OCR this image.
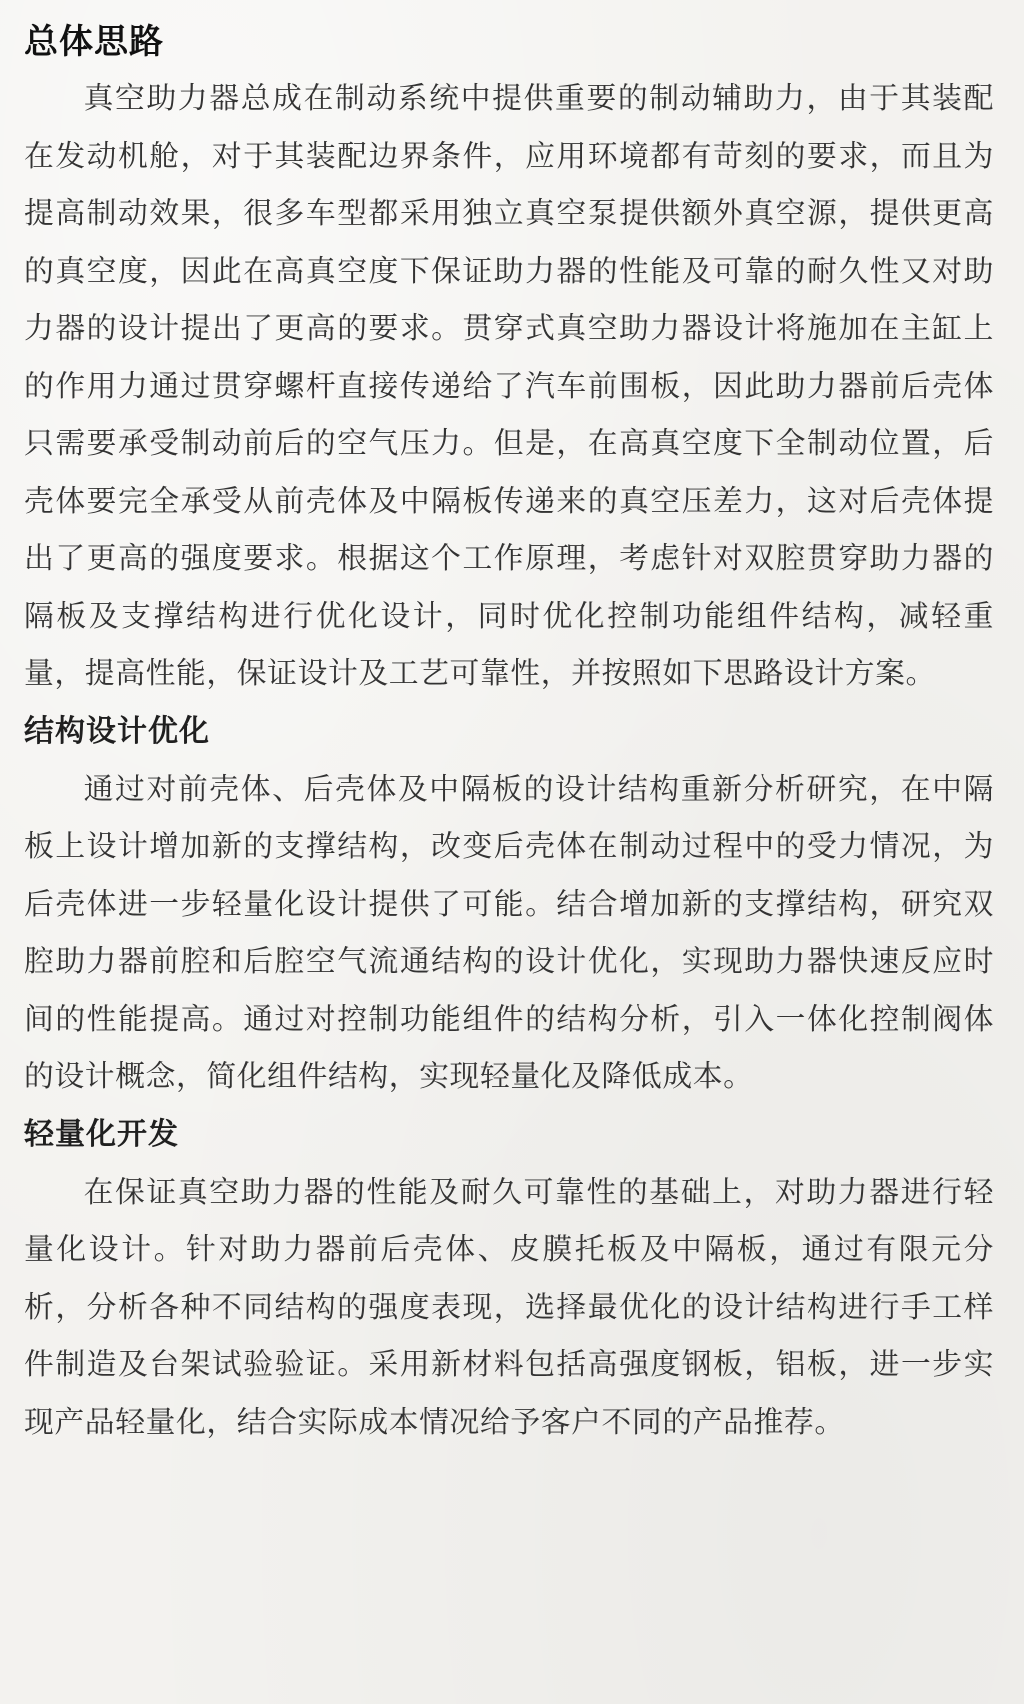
总体思路

真空助力器总成在制动系统中提供重要的制动辅助力，由于其装配在发动机舱，对于其装配边界条件，应用环境都有苛刻的要求，而且为提高制动效果，很多车型都采用独立真空泵提供额外真空源，提供更高的真空度，因此在高真空度下保证助力器的性能及可靠的耐久性又对助力器的设计提出了更高的要求。贯穿式真空助力器设计将施加在主缸上的作用力通过贯穿螺杆直接传递给了汽车前围板，因此助力器前后壳体只需要承受制动前后的空气压力。但是，在高真空度下全制动位置，后壳体要完全承受从前壳体及中隔板传递来的真空压差力，这对后壳体提出了更高的强度要求。根据这个工作原理，考虑针对双腔贯穿助力器的隔板及支撑结构进行优化设计，同时优化控制功能组件结构，减轻重量，提高性能，保证设计及工艺可靠性，并按照如下思路设计方案。

结构设计优化

通过对前壳体、后壳体及中隔板的设计结构重新分析研究，在中隔板上设计增加新的支撑结构，改变后壳体在制动过程中的受力情况，为后壳体进一步轻量化设计提供了可能。结合增加新的支撑结构，研究双腔助力器前腔和后腔空气流通结构的设计优化，实现助力器快速反应时间的性能提高。通过对控制功能组件的结构分析，引入一体化控制阀体的设计概念，简化组件结构，实现轻量化及降低成本。

轻量化开发

在保证真空助力器的性能及耐久可靠性的基础上，对助力器进行轻量化设计。针对助力器前后壳体、皮膜托板及中隔板，通过有限元分析，分析各种不同结构的强度表现，选择最优化的设计结构进行手工样件制造及台架试验验证。采用新材料包括高强度钢板，铝板，进一步实现产品轻量化，结合实际成本情况给予客户不同的产品推荐。
